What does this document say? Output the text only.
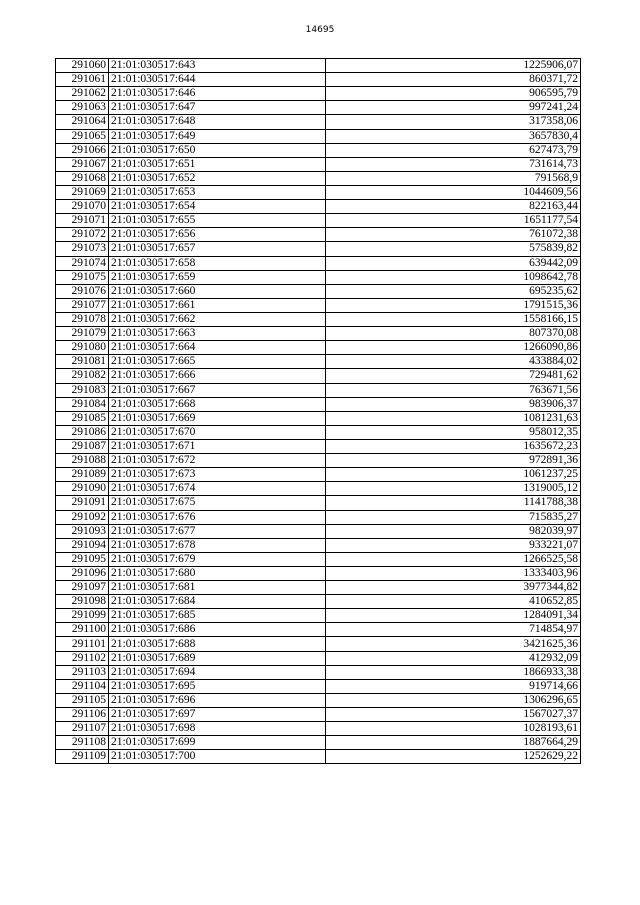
14695
291060	21:01:030517:643	1225906,07
291061	21:01:030517:644	860371,72
291062	21:01:030517:646	906595,79
291063	21:01:030517:647	997241,24
291064	21:01:030517:648	317358,06
291065	21:01:030517:649	3657830,4
291066	21:01:030517:650	627473,79
291067	21:01:030517:651	731614,73
291068	21:01:030517:652	791568,9
291069	21:01:030517:653	1044609,56
291070	21:01:030517:654	822163,44
291071	21:01:030517:655	1651177,54
291072	21:01:030517:656	761072,38
291073	21:01:030517:657	575839,82
291074	21:01:030517:658	639442,09
291075	21:01:030517:659	1098642,78
291076	21:01:030517:660	695235,62
291077	21:01:030517:661	1791515,36
291078	21:01:030517:662	1558166,15
291079	21:01:030517:663	807370,08
291080	21:01:030517:664	1266090,86
291081	21:01:030517:665	433884,02
291082	21:01:030517:666	729481,62
291083	21:01:030517:667	763671,56
291084	21:01:030517:668	983906,37
291085	21:01:030517:669	1081231,63
291086	21:01:030517:670	958012,35
291087	21:01:030517:671	1635672,23
291088	21:01:030517:672	972891,36
291089	21:01:030517:673	1061237,25
291090	21:01:030517:674	1319005,12
291091	21:01:030517:675	1141788,38
291092	21:01:030517:676	715835,27
291093	21:01:030517:677	982039,97
291094	21:01:030517:678	933221,07
291095	21:01:030517:679	1266525,58
291096	21:01:030517:680	1333403,96
291097	21:01:030517:681	3977344,82
291098	21:01:030517:684	410652,85
291099	21:01:030517:685	1284091,34
291100	21:01:030517:686	714854,97
291101	21:01:030517:688	3421625,36
291102	21:01:030517:689	412932,09
291103	21:01:030517:694	1866933,38
291104	21:01:030517:695	919714,66
291105	21:01:030517:696	1306296,65
291106	21:01:030517:697	1567027,37
291107	21:01:030517:698	1028193,61
291108	21:01:030517:699	1887664,29
291109	21:01:030517:700	1252629,22
